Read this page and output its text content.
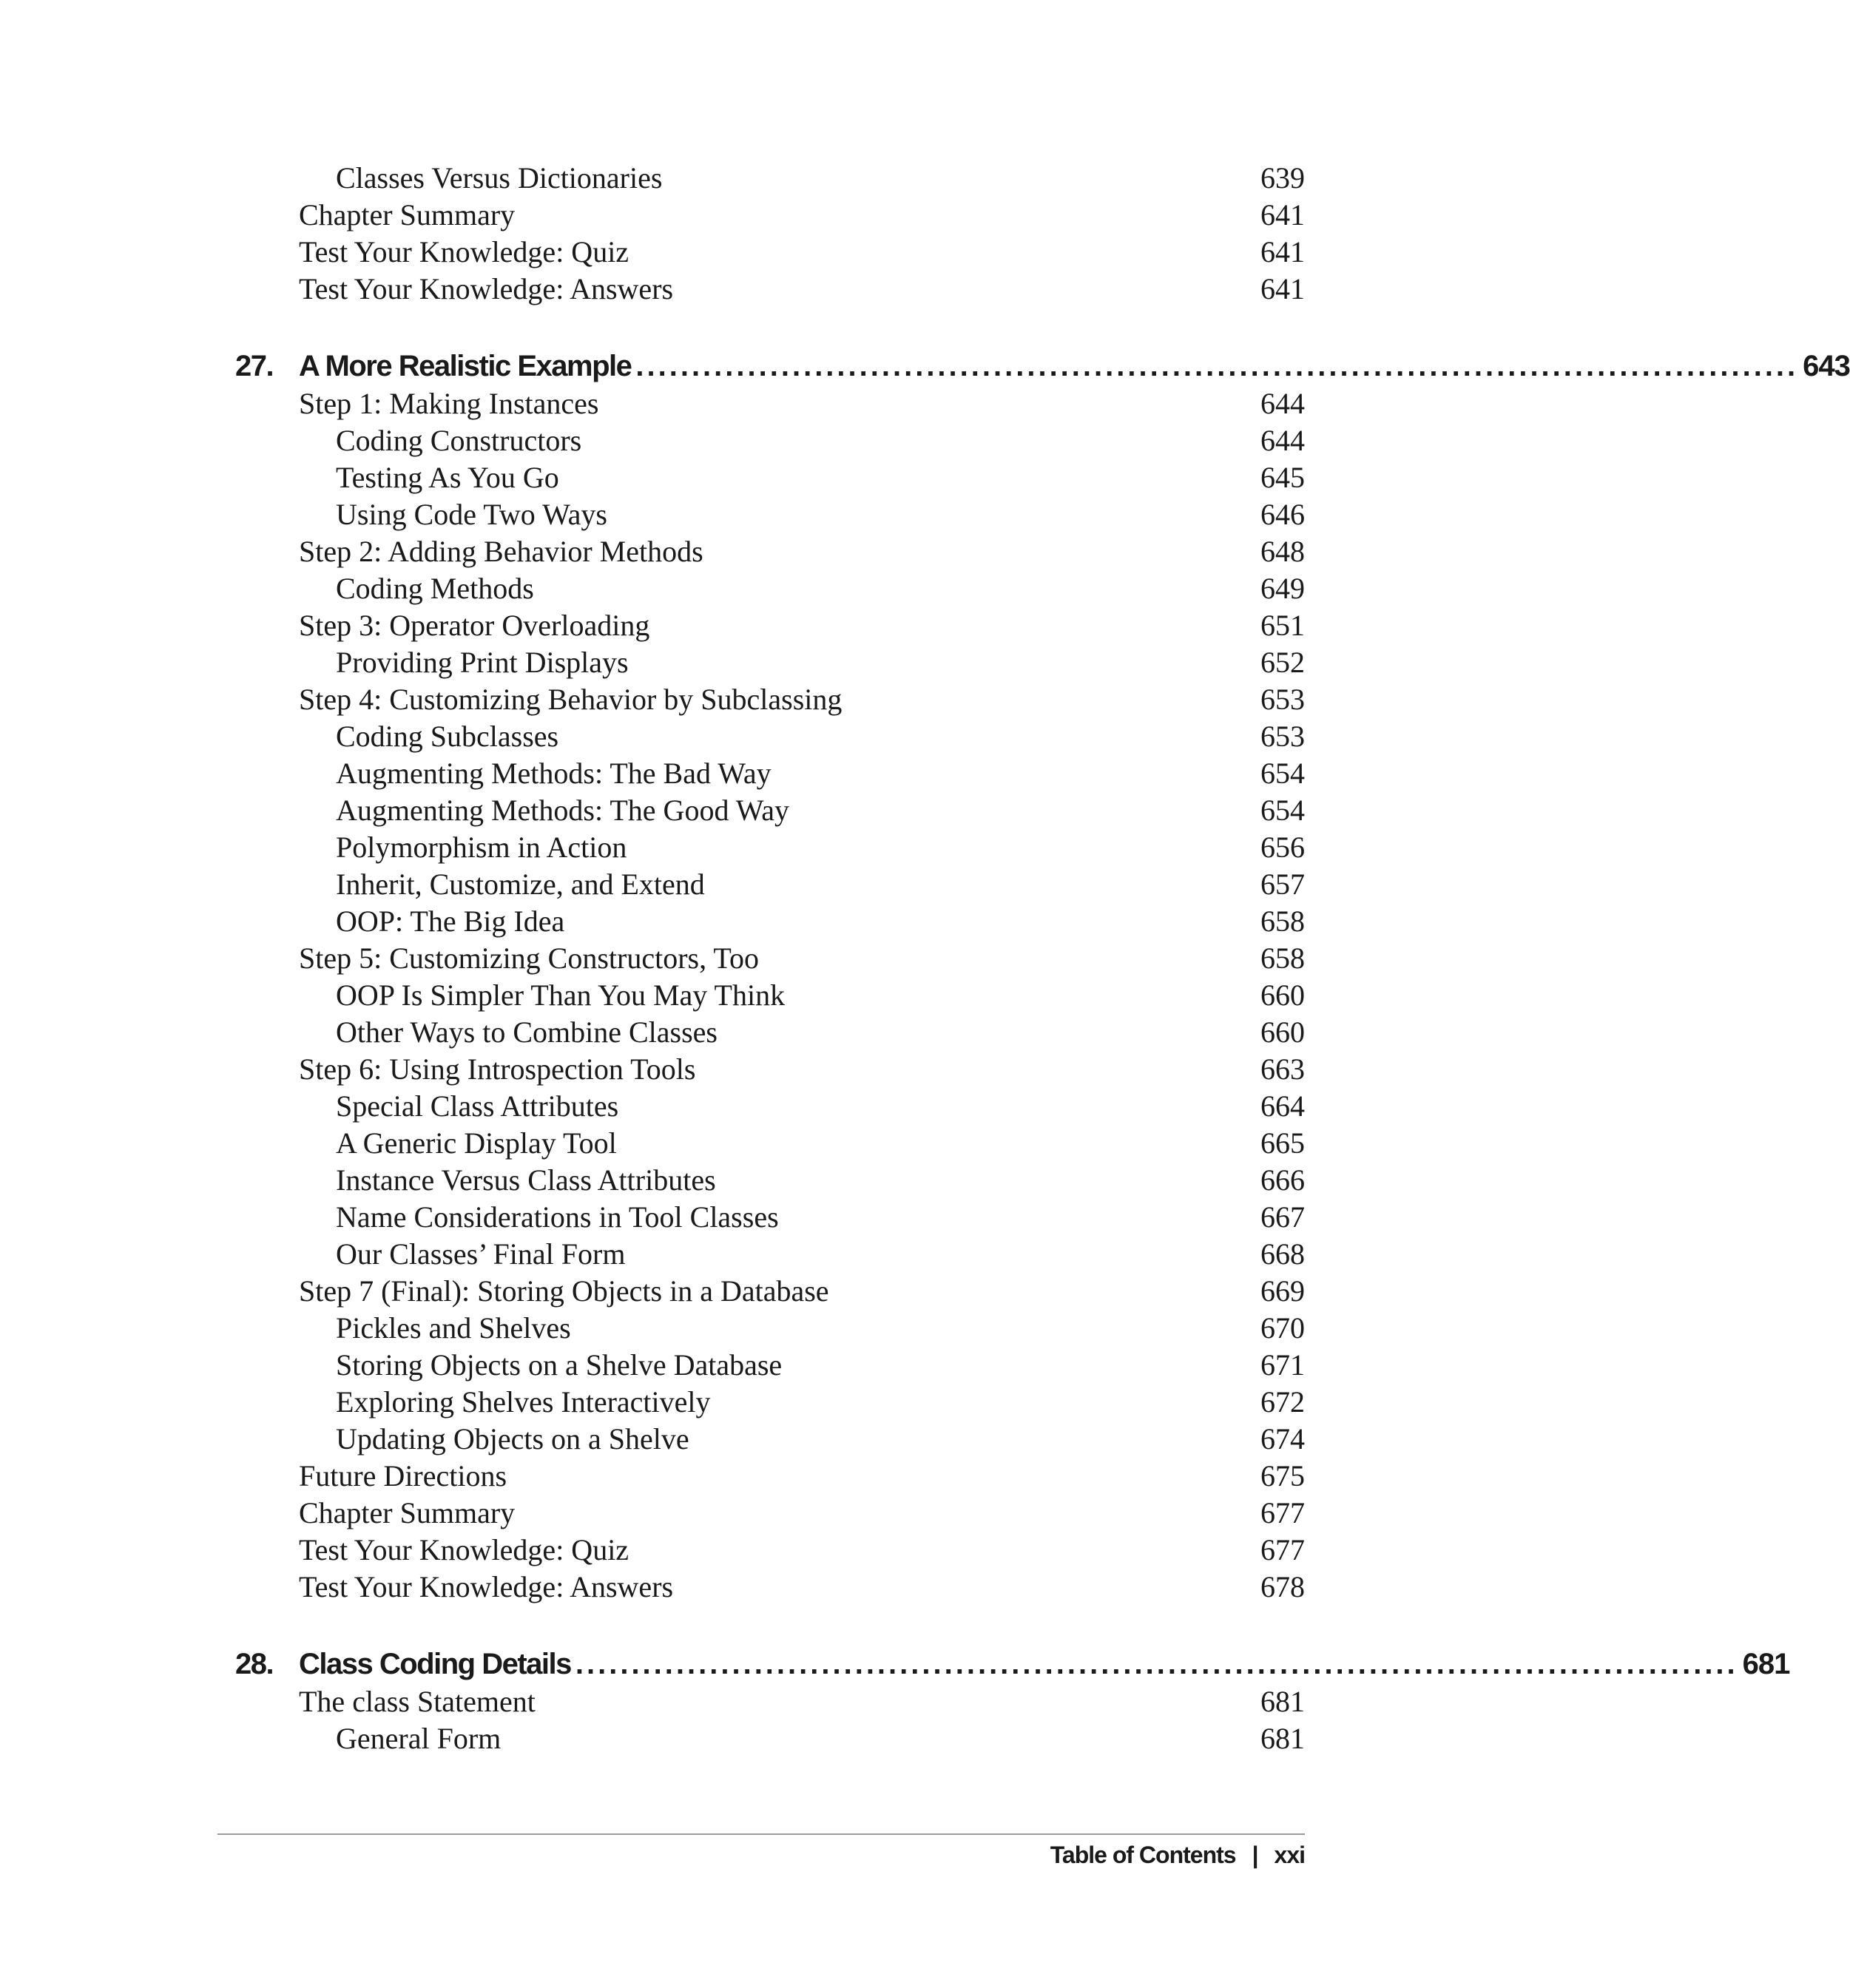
Classes Versus Dictionaries	639
Chapter Summary	641
Test Your Knowledge: Quiz	641
Test Your Knowledge: Answers	641
27. A More Realistic Example ........................................................................................................ 643
Step 1: Making Instances	644
Coding Constructors	644
Testing As You Go	645
Using Code Two Ways	646
Step 2: Adding Behavior Methods	648
Coding Methods	649
Step 3: Operator Overloading	651
Providing Print Displays	652
Step 4: Customizing Behavior by Subclassing	653
Coding Subclasses	653
Augmenting Methods: The Bad Way	654
Augmenting Methods: The Good Way	654
Polymorphism in Action	656
Inherit, Customize, and Extend	657
OOP: The Big Idea	658
Step 5: Customizing Constructors, Too	658
OOP Is Simpler Than You May Think	660
Other Ways to Combine Classes	660
Step 6: Using Introspection Tools	663
Special Class Attributes	664
A Generic Display Tool	665
Instance Versus Class Attributes	666
Name Considerations in Tool Classes	667
Our Classes’ Final Form	668
Step 7 (Final): Storing Objects in a Database	669
Pickles and Shelves	670
Storing Objects on a Shelve Database	671
Exploring Shelves Interactively	672
Updating Objects on a Shelve	674
Future Directions	675
Chapter Summary	677
Test Your Knowledge: Quiz	677
Test Your Knowledge: Answers	678
28. Class Coding Details ........................................................................................................ 681
The class Statement	681
General Form	681
Table of Contents | xxi
